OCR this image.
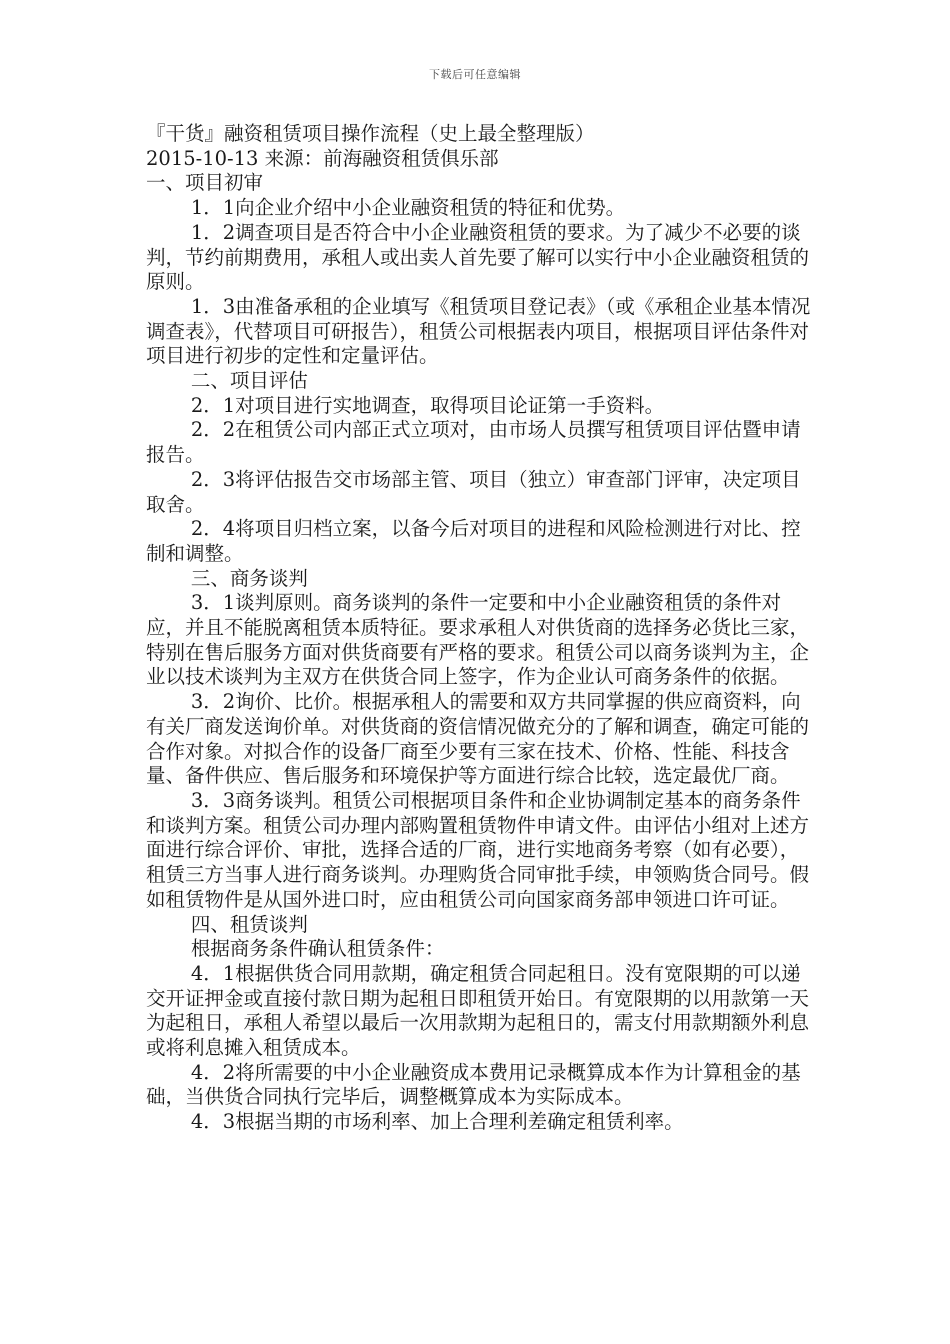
下载后可任意编辑

『干货』融资租赁项目操作流程（史上最全整理版）

2015-10-13 来源：前海融资租赁俱乐部

一、项目初审

1．1向企业介绍中小企业融资租赁的特征和优势。

1．2调查项目是否符合中小企业融资租赁的要求。为了减少不必要的谈判，节约前期费用，承租人或出卖人首先要了解可以实行中小企业融资租赁的原则。

1．3由准备承租的企业填写《租赁项目登记表》（或《承租企业基本情况调查表》，代替项目可研报告），租赁公司根据表内项目，根据项目评估条件对项目进行初步的定性和定量评估。

二、项目评估

2．1对项目进行实地调查，取得项目论证第一手资料。

2．2在租赁公司内部正式立项对，由市场人员撰写租赁项目评估暨申请报告。

2．3将评估报告交市场部主管、项目（独立）审查部门评审，决定项目取舍。

2．4将项目归档立案，以备今后对项目的进程和风险检测进行对比、控制和调整。

三、商务谈判

3．1谈判原则。商务谈判的条件一定要和中小企业融资租赁的条件对应，并且不能脱离租赁本质特征。要求承租人对供货商的选择务必货比三家，特别在售后服务方面对供货商要有严格的要求。租赁公司以商务谈判为主，企业以技术谈判为主双方在供货合同上签字，作为企业认可商务条件的依据。

3．2询价、比价。根据承租人的需要和双方共同掌握的供应商资料，向有关厂商发送询价单。对供货商的资信情况做充分的了解和调查，确定可能的合作对象。对拟合作的设备厂商至少要有三家在技术、价格、性能、科技含量、备件供应、售后服务和环境保护等方面进行综合比较，选定最优厂商。

3．3商务谈判。租赁公司根据项目条件和企业协调制定基本的商务条件和谈判方案。租赁公司办理内部购置租赁物件申请文件。由评估小组对上述方面进行综合评价、审批，选择合适的厂商，进行实地商务考察（如有必要），租赁三方当事人进行商务谈判。办理购货合同审批手续，申领购货合同号。假如租赁物件是从国外进口时，应由租赁公司向国家商务部申领进口许可证。

四、租赁谈判

根据商务条件确认租赁条件：

4．1根据供货合同用款期，确定租赁合同起租日。没有宽限期的可以递交开证押金或直接付款日期为起租日即租赁开始日。有宽限期的以用款第一天为起租日，承租人希望以最后一次用款期为起租日的，需支付用款期额外利息或将利息摊入租赁成本。

4．2将所需要的中小企业融资成本费用记录概算成本作为计算租金的基础，当供货合同执行完毕后，调整概算成本为实际成本。

4．3根据当期的市场利率、加上合理利差确定租赁利率。
